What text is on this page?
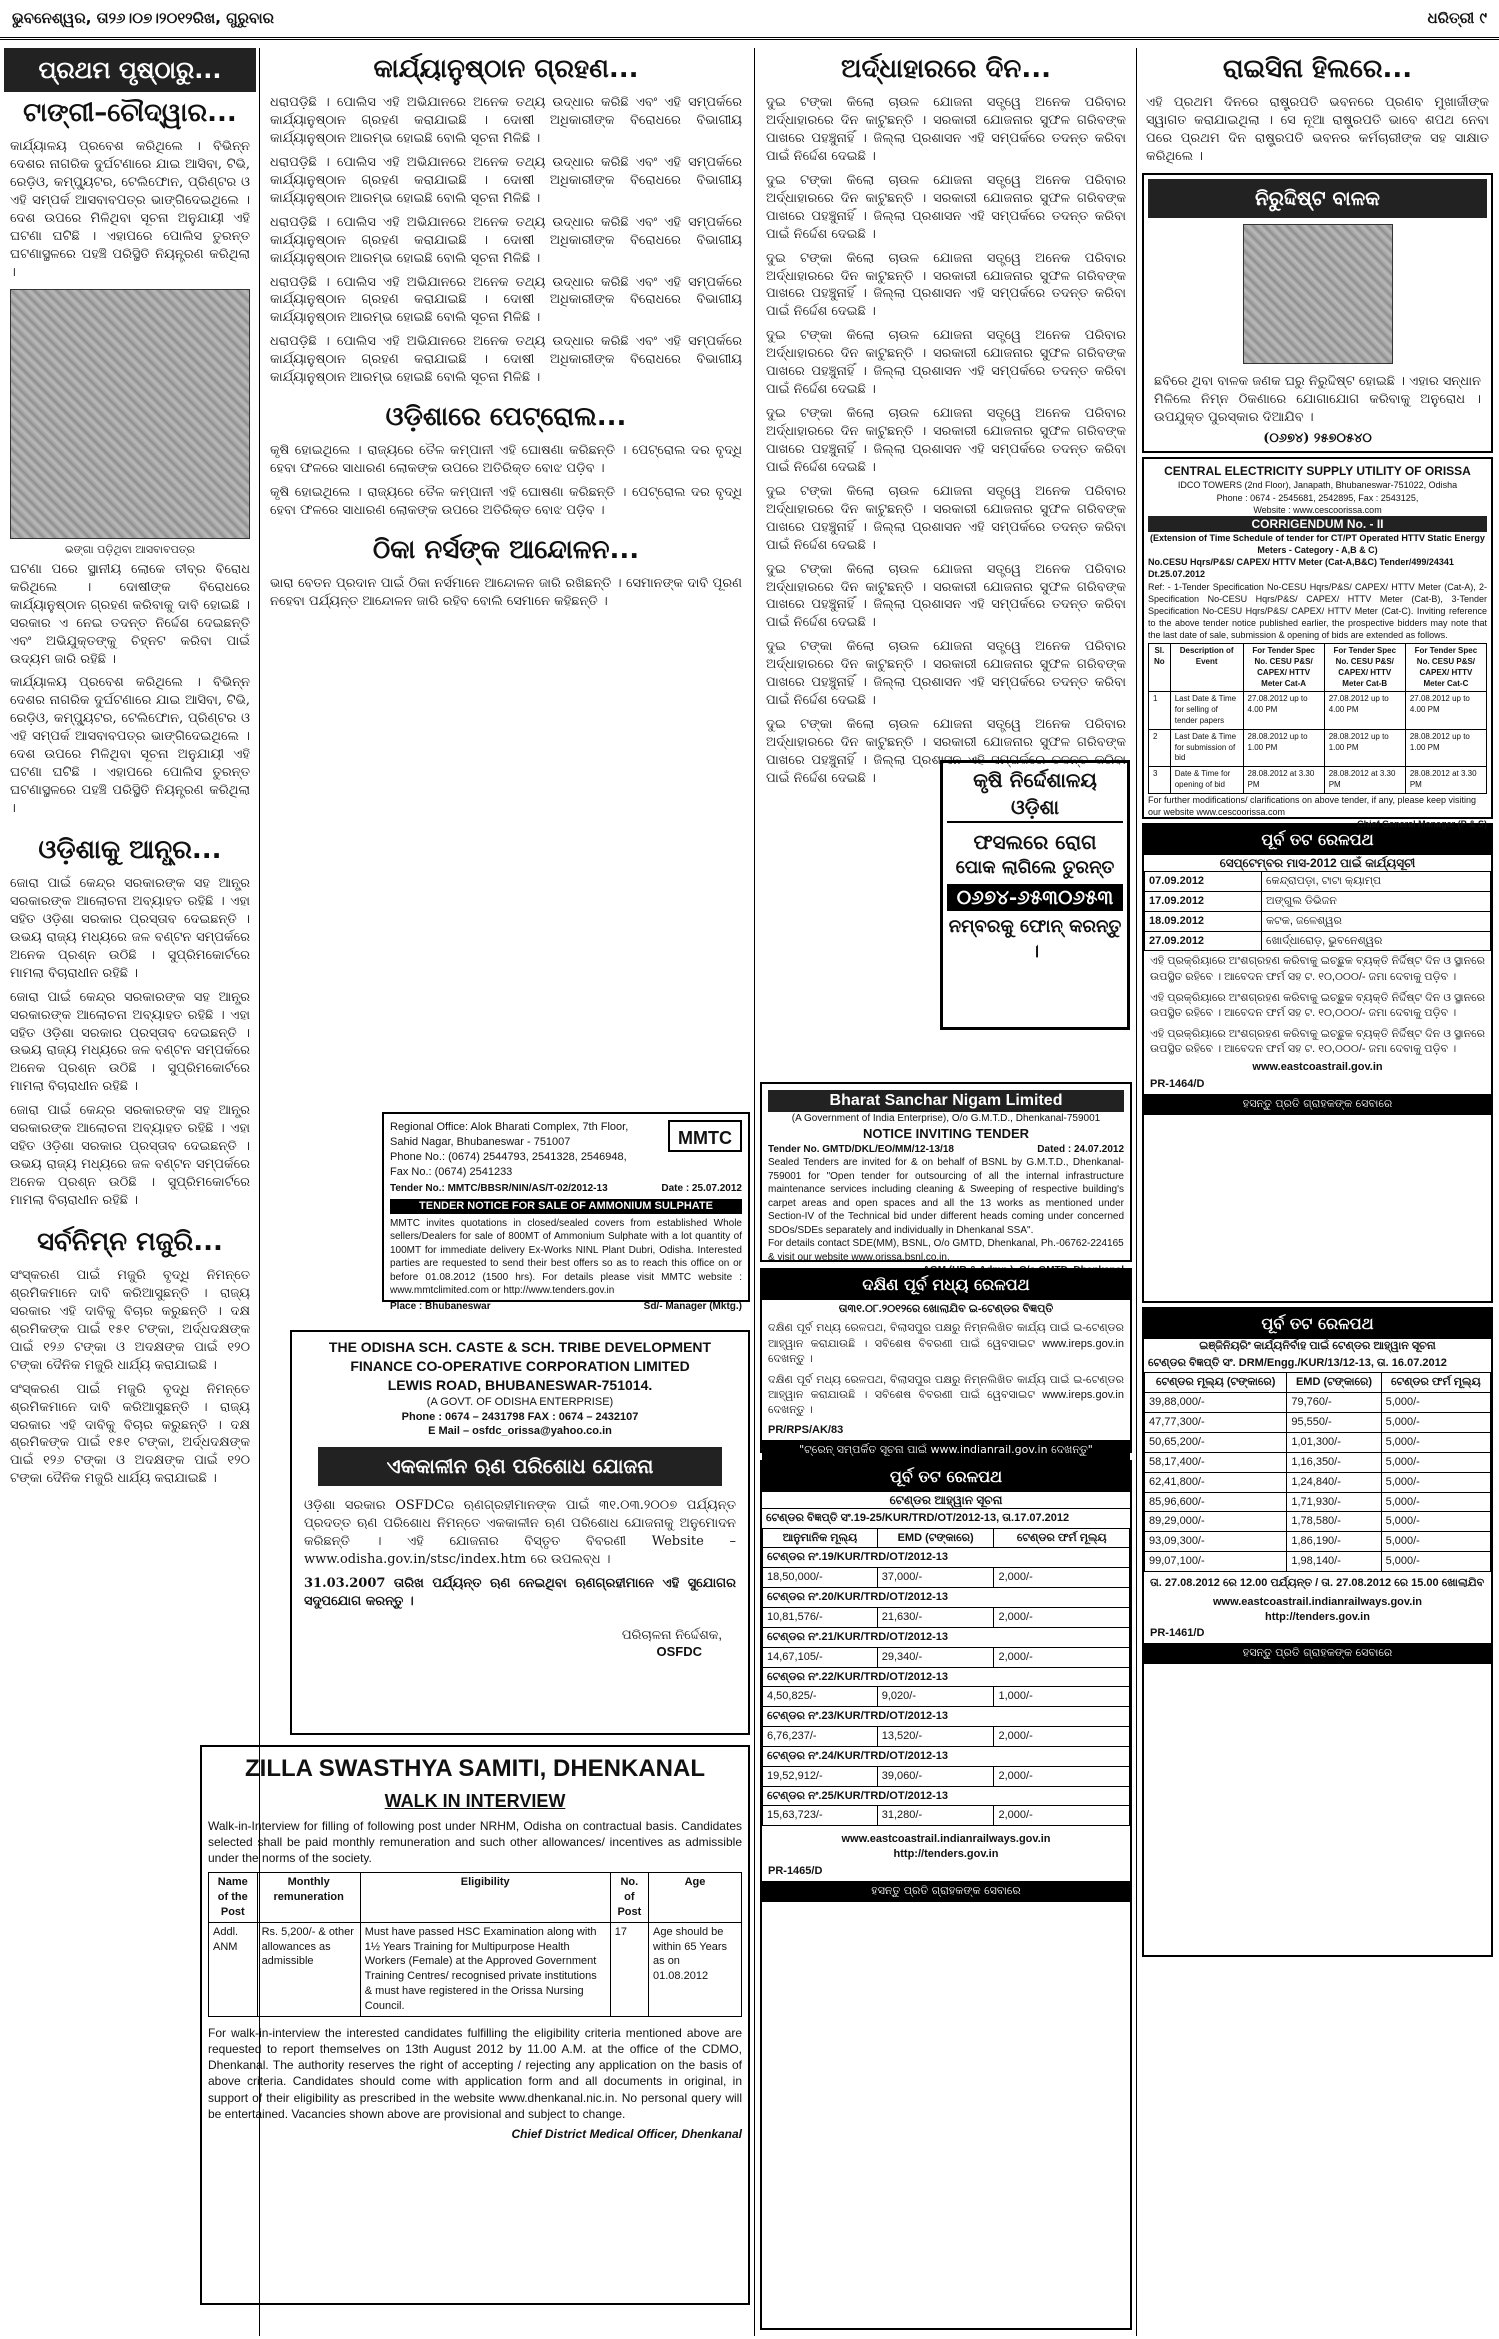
ଭୁବନେଶ୍ୱର, ତା୨୬।୦୭।୨୦୧୨ରିଖ, ଗୁରୁବାର	ଧରିତ୍ରୀ ୯
ପ୍ରଥମ ପୃଷ୍ଠାରୁ...
ଟାଙ୍ଗୀ–ଚୌଦ୍ୱାର...

କାର୍ଯ୍ୟାଳୟ ପ୍ରବେଶ କରିଥିଲେ । ବିଭିନ୍ନ ଦେଶର ନାଗରିକ ଦୁର୍ଘଟଣାରେ ଯାଇ ଆସିବା, ଟିଭି, ରେଡ଼ିଓ, କମ୍ପ୍ୟୁଟର, ଟେଲିଫୋନ, ପ୍ରିଣ୍ଟର ଓ ଏହି ସମ୍ପର୍କ ଆସବାବପତ୍ର ଭାଙ୍ଗିଦେଇଥିଲେ । ଦେଶ ଉପରେ ମିଳିଥିବା ସୂଚନା ଅନୁଯାୟୀ ଏହି ଘଟଣା ଘଟିଛି । ଏହାପରେ ପୋଲିସ ତୁରନ୍ତ ଘଟଣାସ୍ଥଳରେ ପହଞ୍ଚି ପରିସ୍ଥିତି ନିୟନ୍ତ୍ରଣ କରିଥିଲା ।

ଭଙ୍ଗା ପଡ଼ିଥିବା ଆସବାବପତ୍ର

ଘଟଣା ପରେ ସ୍ଥାନୀୟ ଲୋକେ ତୀବ୍ର ବିରୋଧ କରିଥିଲେ । ଦୋଷୀଙ୍କ ବିରୋଧରେ କାର୍ଯ୍ୟାନୁଷ୍ଠାନ ଗ୍ରହଣ କରିବାକୁ ଦାବି ହୋଇଛି । ସରକାର ଏ ନେଇ ତଦନ୍ତ ନିର୍ଦ୍ଦେଶ ଦେଇଛନ୍ତି ଏବଂ ଅଭିଯୁକ୍ତଙ୍କୁ ଚିହ୍ନଟ କରିବା ପାଇଁ ଉଦ୍ୟମ ଜାରି ରହିଛି ।

କାର୍ଯ୍ୟାଳୟ ପ୍ରବେଶ କରିଥିଲେ । ବିଭିନ୍ନ ଦେଶର ନାଗରିକ ଦୁର୍ଘଟଣାରେ ଯାଇ ଆସିବା, ଟିଭି, ରେଡ଼ିଓ, କମ୍ପ୍ୟୁଟର, ଟେଲିଫୋନ, ପ୍ରିଣ୍ଟର ଓ ଏହି ସମ୍ପର୍କ ଆସବାବପତ୍ର ଭାଙ୍ଗିଦେଇଥିଲେ । ଦେଶ ଉପରେ ମିଳିଥିବା ସୂଚନା ଅନୁଯାୟୀ ଏହି ଘଟଣା ଘଟିଛି । ଏହାପରେ ପୋଲିସ ତୁରନ୍ତ ଘଟଣାସ୍ଥଳରେ ପହଞ୍ଚି ପରିସ୍ଥିତି ନିୟନ୍ତ୍ରଣ କରିଥିଲା ।

ଓଡ଼ିଶାକୁ ଆନ୍ଧ୍ର...

ଜୋରା ପାଇଁ କେନ୍ଦ୍ର ସରକାରଙ୍କ ସହ ଆନ୍ଧ୍ର ସରକାରଙ୍କ ଆଲୋଚନା ଅବ୍ୟାହତ ରହିଛି । ଏହା ସହିତ ଓଡ଼ିଶା ସରକାର ପ୍ରସ୍ତାବ ଦେଇଛନ୍ତି । ଉଭୟ ରାଜ୍ୟ ମଧ୍ୟରେ ଜଳ ବଣ୍ଟନ ସମ୍ପର୍କରେ ଅନେକ ପ୍ରଶ୍ନ ଉଠିଛି । ସୁପ୍ରିମକୋର୍ଟରେ ମାମଲା ବିଚାରାଧୀନ ରହିଛି ।

ଜୋରା ପାଇଁ କେନ୍ଦ୍ର ସରକାରଙ୍କ ସହ ଆନ୍ଧ୍ର ସରକାରଙ୍କ ଆଲୋଚନା ଅବ୍ୟାହତ ରହିଛି । ଏହା ସହିତ ଓଡ଼ିଶା ସରକାର ପ୍ରସ୍ତାବ ଦେଇଛନ୍ତି । ଉଭୟ ରାଜ୍ୟ ମଧ୍ୟରେ ଜଳ ବଣ୍ଟନ ସମ୍ପର୍କରେ ଅନେକ ପ୍ରଶ୍ନ ଉଠିଛି । ସୁପ୍ରିମକୋର୍ଟରେ ମାମଲା ବିଚାରାଧୀନ ରହିଛି ।

ଜୋରା ପାଇଁ କେନ୍ଦ୍ର ସରକାରଙ୍କ ସହ ଆନ୍ଧ୍ର ସରକାରଙ୍କ ଆଲୋଚନା ଅବ୍ୟାହତ ରହିଛି । ଏହା ସହିତ ଓଡ଼ିଶା ସରକାର ପ୍ରସ୍ତାବ ଦେଇଛନ୍ତି । ଉଭୟ ରାଜ୍ୟ ମଧ୍ୟରେ ଜଳ ବଣ୍ଟନ ସମ୍ପର୍କରେ ଅନେକ ପ୍ରଶ୍ନ ଉଠିଛି । ସୁପ୍ରିମକୋର୍ଟରେ ମାମଲା ବିଚାରାଧୀନ ରହିଛି ।

ସର୍ବନିମ୍ନ ମଜୁରି...

ସଂସ୍କରଣ ପାଇଁ ମଜୁରି ବୃଦ୍ଧି ନିମନ୍ତେ ଶ୍ରମିକମାନେ ଦାବି କରିଆସୁଛନ୍ତି । ରାଜ୍ୟ ସରକାର ଏହି ଦାବିକୁ ବିଚାର କରୁଛନ୍ତି । ଦକ୍ଷ ଶ୍ରମିକଙ୍କ ପାଇଁ ୧୫୧ ଟଙ୍କା, ଅର୍ଦ୍ଧଦକ୍ଷଙ୍କ ପାଇଁ ୧୨୬ ଟଙ୍କା ଓ ଅଦକ୍ଷଙ୍କ ପାଇଁ ୧୨୦ ଟଙ୍କା ଦୈନିକ ମଜୁରି ଧାର୍ଯ୍ୟ କରାଯାଇଛି ।

ସଂସ୍କରଣ ପାଇଁ ମଜୁରି ବୃଦ୍ଧି ନିମନ୍ତେ ଶ୍ରମିକମାନେ ଦାବି କରିଆସୁଛନ୍ତି । ରାଜ୍ୟ ସରକାର ଏହି ଦାବିକୁ ବିଚାର କରୁଛନ୍ତି । ଦକ୍ଷ ଶ୍ରମିକଙ୍କ ପାଇଁ ୧୫୧ ଟଙ୍କା, ଅର୍ଦ୍ଧଦକ୍ଷଙ୍କ ପାଇଁ ୧୨୬ ଟଙ୍କା ଓ ଅଦକ୍ଷଙ୍କ ପାଇଁ ୧୨୦ ଟଙ୍କା ଦୈନିକ ମଜୁରି ଧାର୍ଯ୍ୟ କରାଯାଇଛି ।

କାର୍ଯ୍ୟାନୁଷ୍ଠାନ ଗ୍ରହଣ...

ଧରାପଡ଼ିଛି । ପୋଲିସ ଏହି ଅଭିଯାନରେ ଅନେକ ତଥ୍ୟ ଉଦ୍ଧାର କରିଛି ଏବଂ ଏହି ସମ୍ପର୍କରେ କାର୍ଯ୍ୟାନୁଷ୍ଠାନ ଗ୍ରହଣ କରାଯାଇଛି । ଦୋଷୀ ଅଧିକାରୀଙ୍କ ବିରୋଧରେ ବିଭାଗୀୟ କାର୍ଯ୍ୟାନୁଷ୍ଠାନ ଆରମ୍ଭ ହୋଇଛି ବୋଲି ସୂଚନା ମିଳିଛି ।

ଧରାପଡ଼ିଛି । ପୋଲିସ ଏହି ଅଭିଯାନରେ ଅନେକ ତଥ୍ୟ ଉଦ୍ଧାର କରିଛି ଏବଂ ଏହି ସମ୍ପର୍କରେ କାର୍ଯ୍ୟାନୁଷ୍ଠାନ ଗ୍ରହଣ କରାଯାଇଛି । ଦୋଷୀ ଅଧିକାରୀଙ୍କ ବିରୋଧରେ ବିଭାଗୀୟ କାର୍ଯ୍ୟାନୁଷ୍ଠାନ ଆରମ୍ଭ ହୋଇଛି ବୋଲି ସୂଚନା ମିଳିଛି ।

ଧରାପଡ଼ିଛି । ପୋଲିସ ଏହି ଅଭିଯାନରେ ଅନେକ ତଥ୍ୟ ଉଦ୍ଧାର କରିଛି ଏବଂ ଏହି ସମ୍ପର୍କରେ କାର୍ଯ୍ୟାନୁଷ୍ଠାନ ଗ୍ରହଣ କରାଯାଇଛି । ଦୋଷୀ ଅଧିକାରୀଙ୍କ ବିରୋଧରେ ବିଭାଗୀୟ କାର୍ଯ୍ୟାନୁଷ୍ଠାନ ଆରମ୍ଭ ହୋଇଛି ବୋଲି ସୂଚନା ମିଳିଛି ।

ଧରାପଡ଼ିଛି । ପୋଲିସ ଏହି ଅଭିଯାନରେ ଅନେକ ତଥ୍ୟ ଉଦ୍ଧାର କରିଛି ଏବଂ ଏହି ସମ୍ପର୍କରେ କାର୍ଯ୍ୟାନୁଷ୍ଠାନ ଗ୍ରହଣ କରାଯାଇଛି । ଦୋଷୀ ଅଧିକାରୀଙ୍କ ବିରୋଧରେ ବିଭାଗୀୟ କାର୍ଯ୍ୟାନୁଷ୍ଠାନ ଆରମ୍ଭ ହୋଇଛି ବୋଲି ସୂଚନା ମିଳିଛି ।

ଧରାପଡ଼ିଛି । ପୋଲିସ ଏହି ଅଭିଯାନରେ ଅନେକ ତଥ୍ୟ ଉଦ୍ଧାର କରିଛି ଏବଂ ଏହି ସମ୍ପର୍କରେ କାର୍ଯ୍ୟାନୁଷ୍ଠାନ ଗ୍ରହଣ କରାଯାଇଛି । ଦୋଷୀ ଅଧିକାରୀଙ୍କ ବିରୋଧରେ ବିଭାଗୀୟ କାର୍ଯ୍ୟାନୁଷ୍ଠାନ ଆରମ୍ଭ ହୋଇଛି ବୋଲି ସୂଚନା ମିଳିଛି ।

ଓଡ଼ିଶାରେ ପେଟ୍ରୋଲ...

କୃଷି ହୋଇଥିଲେ । ରାଜ୍ୟରେ ତୈଳ କମ୍ପାନୀ ଏହି ଘୋଷଣା କରିଛନ୍ତି । ପେଟ୍ରୋଲ ଦର ବୃଦ୍ଧି ହେବା ଫଳରେ ସାଧାରଣ ଲୋକଙ୍କ ଉପରେ ଅତିରିକ୍ତ ବୋଝ ପଡ଼ିବ ।

କୃଷି ହୋଇଥିଲେ । ରାଜ୍ୟରେ ତୈଳ କମ୍ପାନୀ ଏହି ଘୋଷଣା କରିଛନ୍ତି । ପେଟ୍ରୋଲ ଦର ବୃଦ୍ଧି ହେବା ଫଳରେ ସାଧାରଣ ଲୋକଙ୍କ ଉପରେ ଅତିରିକ୍ତ ବୋଝ ପଡ଼ିବ ।

ଠିକା ନର୍ସଙ୍କ ଆନ୍ଦୋଳନ...

ଭାରା ବେତନ ପ୍ରଦାନ ପାଇଁ ଠିକା ନର୍ସମାନେ ଆନ୍ଦୋଳନ ଜାରି ରଖିଛନ୍ତି । ସେମାନଙ୍କ ଦାବି ପୂରଣ ନହେବା ପର୍ଯ୍ୟନ୍ତ ଆନ୍ଦୋଳନ ଜାରି ରହିବ ବୋଲି ସେମାନେ କହିଛନ୍ତି ।

Regional Office: Alok Bharati Complex, 7th Floor, Sahid Nagar, Bhubaneswar - 751007
Phone No.: (0674) 2544793, 2541328, 2546948, Fax No.: (0674) 2541233
MMTC
Tender No.: MMTC/BBSR/NIN/AS/T-02/2012-13	Date : 25.07.2012
TENDER NOTICE FOR SALE OF AMMONIUM SULPHATE
MMTC invites quotations in closed/sealed covers from established Whole sellers/Dealers for sale of 800MT of Ammonium Sulphate with a lot quantity of 100MT for immediate delivery Ex-Works NINL Plant Dubri, Odisha. Interested parties are requested to send their best offers so as to reach this office on or before 01.08.2012 (1500 hrs). For details please visit MMTC website : www.mmtclimited.com or http://www.tenders.gov.in
Place : Bhubaneswar	Sd/- Manager (Mktg.)
THE ODISHA SCH. CASTE & SCH. TRIBE DEVELOPMENT FINANCE CO-OPERATIVE CORPORATION LIMITED
LEWIS ROAD, BHUBANESWAR-751014.
(A GOVT. OF ODISHA ENTERPRISE)
Phone : 0674 – 2431798 FAX : 0674 – 2432107
E Mail – osfdc_orissa@yahoo.co.in
ଏକକାଳୀନ ଋଣ ପରିଶୋଧ ଯୋଜନା
ଓଡ଼ିଶା ସରକାର OSFDCର ଋଣଗ୍ରହୀମାନଙ୍କ ପାଇଁ ୩୧.୦୩.୨୦୦୭ ପର୍ଯ୍ୟନ୍ତ ପ୍ରଦତ୍ତ ଋଣ ପରିଶୋଧ ନିମନ୍ତେ ଏକକାଳୀନ ଋଣ ପରିଶୋଧ ଯୋଜନାକୁ ଅନୁମୋଦନ କରିଛନ୍ତି । ଏହି ଯୋଜନାର ବିସ୍ତୃତ ବିବରଣୀ Website – www.odisha.gov.in/stsc/index.htm ରେ ଉପଲବ୍ଧ ।
31.03.2007 ତାରିଖ ପର୍ଯ୍ୟନ୍ତ ଋଣ ନେଇଥିବା ଋଣଗ୍ରହୀମାନେ ଏହି ସୁଯୋଗର ସଦୁପଯୋଗ କରନ୍ତୁ ।
ପରିଚାଳନା ନିର୍ଦ୍ଦେଶକ,
OSFDC
ZILLA SWASTHYA SAMITI, DHENKANAL
WALK IN INTERVIEW
Walk-in-Interview for filling of following post under NRHM, Odisha on contractual basis. Candidates selected shall be paid monthly remuneration and such other allowances/ incentives as admissible under the norms of the society.
Name of the Post	Monthly remuneration	Eligibility	No. of Post	Age
Addl. ANM	Rs. 5,200/- & other allowances as admissible	Must have passed HSC Examination along with 1½ Years Training for Multipurpose Health Workers (Female) at the Approved Government Training Centres/ recognised private institutions & must have registered in the Orissa Nursing Council.	17	Age should be within 65 Years as on 01.08.2012
For walk-in-interview the interested candidates fulfilling the eligibility criteria mentioned above are requested to report themselves on 13th August 2012 by 11.00 A.M. at the office of the CDMO, Dhenkanal. The authority reserves the right of accepting / rejecting any application on the basis of above criteria. Candidates should come with application form and all documents in original, in support of their eligibility as prescribed in the website www.dhenkanal.nic.in. No personal query will be entertained. Vacancies shown above are provisional and subject to change.
Chief District Medical Officer, Dhenkanal
ଅର୍ଦ୍ଧାହାରରେ ଦିନ...

ଦୁଇ ଟଙ୍କା କିଲୋ ଚାଉଳ ଯୋଜନା ସତ୍ତ୍ୱେ ଅନେକ ପରିବାର ଅର୍ଦ୍ଧାହାରରେ ଦିନ କାଟୁଛନ୍ତି । ସରକାରୀ ଯୋଜନାର ସୁଫଳ ଗରିବଙ୍କ ପାଖରେ ପହଞ୍ଚୁନାହିଁ । ଜିଲ୍ଲା ପ୍ରଶାସନ ଏହି ସମ୍ପର୍କରେ ତଦନ୍ତ କରିବା ପାଇଁ ନିର୍ଦ୍ଦେଶ ଦେଇଛି ।

ଦୁଇ ଟଙ୍କା କିଲୋ ଚାଉଳ ଯୋଜନା ସତ୍ତ୍ୱେ ଅନେକ ପରିବାର ଅର୍ଦ୍ଧାହାରରେ ଦିନ କାଟୁଛନ୍ତି । ସରକାରୀ ଯୋଜନାର ସୁଫଳ ଗରିବଙ୍କ ପାଖରେ ପହଞ୍ଚୁନାହିଁ । ଜିଲ୍ଲା ପ୍ରଶାସନ ଏହି ସମ୍ପର୍କରେ ତଦନ୍ତ କରିବା ପାଇଁ ନିର୍ଦ୍ଦେଶ ଦେଇଛି ।

ଦୁଇ ଟଙ୍କା କିଲୋ ଚାଉଳ ଯୋଜନା ସତ୍ତ୍ୱେ ଅନେକ ପରିବାର ଅର୍ଦ୍ଧାହାରରେ ଦିନ କାଟୁଛନ୍ତି । ସରକାରୀ ଯୋଜନାର ସୁଫଳ ଗରିବଙ୍କ ପାଖରେ ପହଞ୍ଚୁନାହିଁ । ଜିଲ୍ଲା ପ୍ରଶାସନ ଏହି ସମ୍ପର୍କରେ ତଦନ୍ତ କରିବା ପାଇଁ ନିର୍ଦ୍ଦେଶ ଦେଇଛି ।

ଦୁଇ ଟଙ୍କା କିଲୋ ଚାଉଳ ଯୋଜନା ସତ୍ତ୍ୱେ ଅନେକ ପରିବାର ଅର୍ଦ୍ଧାହାରରେ ଦିନ କାଟୁଛନ୍ତି । ସରକାରୀ ଯୋଜନାର ସୁଫଳ ଗରିବଙ୍କ ପାଖରେ ପହଞ୍ଚୁନାହିଁ । ଜିଲ୍ଲା ପ୍ରଶାସନ ଏହି ସମ୍ପର୍କରେ ତଦନ୍ତ କରିବା ପାଇଁ ନିର୍ଦ୍ଦେଶ ଦେଇଛି ।

ଦୁଇ ଟଙ୍କା କିଲୋ ଚାଉଳ ଯୋଜନା ସତ୍ତ୍ୱେ ଅନେକ ପରିବାର ଅର୍ଦ୍ଧାହାରରେ ଦିନ କାଟୁଛନ୍ତି । ସରକାରୀ ଯୋଜନାର ସୁଫଳ ଗରିବଙ୍କ ପାଖରେ ପହଞ୍ଚୁନାହିଁ । ଜିଲ୍ଲା ପ୍ରଶାସନ ଏହି ସମ୍ପର୍କରେ ତଦନ୍ତ କରିବା ପାଇଁ ନିର୍ଦ୍ଦେଶ ଦେଇଛି ।

ଦୁଇ ଟଙ୍କା କିଲୋ ଚାଉଳ ଯୋଜନା ସତ୍ତ୍ୱେ ଅନେକ ପରିବାର ଅର୍ଦ୍ଧାହାରରେ ଦିନ କାଟୁଛନ୍ତି । ସରକାରୀ ଯୋଜନାର ସୁଫଳ ଗରିବଙ୍କ ପାଖରେ ପହଞ୍ଚୁନାହିଁ । ଜିଲ୍ଲା ପ୍ରଶାସନ ଏହି ସମ୍ପର୍କରେ ତଦନ୍ତ କରିବା ପାଇଁ ନିର୍ଦ୍ଦେଶ ଦେଇଛି ।

ଦୁଇ ଟଙ୍କା କିଲୋ ଚାଉଳ ଯୋଜନା ସତ୍ତ୍ୱେ ଅନେକ ପରିବାର ଅର୍ଦ୍ଧାହାରରେ ଦିନ କାଟୁଛନ୍ତି । ସରକାରୀ ଯୋଜନାର ସୁଫଳ ଗରିବଙ୍କ ପାଖରେ ପହଞ୍ଚୁନାହିଁ । ଜିଲ୍ଲା ପ୍ରଶାସନ ଏହି ସମ୍ପର୍କରେ ତଦନ୍ତ କରିବା ପାଇଁ ନିର୍ଦ୍ଦେଶ ଦେଇଛି ।

ଦୁଇ ଟଙ୍କା କିଲୋ ଚାଉଳ ଯୋଜନା ସତ୍ତ୍ୱେ ଅନେକ ପରିବାର ଅର୍ଦ୍ଧାହାରରେ ଦିନ କାଟୁଛନ୍ତି । ସରକାରୀ ଯୋଜନାର ସୁଫଳ ଗରିବଙ୍କ ପାଖରେ ପହଞ୍ଚୁନାହିଁ । ଜିଲ୍ଲା ପ୍ରଶାସନ ଏହି ସମ୍ପର୍କରେ ତଦନ୍ତ କରିବା ପାଇଁ ନିର୍ଦ୍ଦେଶ ଦେଇଛି ।

ଦୁଇ ଟଙ୍କା କିଲୋ ଚାଉଳ ଯୋଜନା ସତ୍ତ୍ୱେ ଅନେକ ପରିବାର ଅର୍ଦ୍ଧାହାରରେ ଦିନ କାଟୁଛନ୍ତି । ସରକାରୀ ଯୋଜନାର ସୁଫଳ ଗରିବଙ୍କ ପାଖରେ ପହଞ୍ଚୁନାହିଁ । ଜିଲ୍ଲା ପ୍ରଶାସନ ଏହି ସମ୍ପର୍କରେ ତଦନ୍ତ କରିବା ପାଇଁ ନିର୍ଦ୍ଦେଶ ଦେଇଛି ।	କୃଷି ନିର୍ଦ୍ଦେଶାଳୟ
ଓଡ଼ିଶା
ଫସଲରେ ରୋଗ
ପୋକ ଲାଗିଲେ ତୁରନ୍ତ
୦୬୭୪-୬୫୩୦୬୫୩
ନମ୍ବରକୁ ଫୋନ୍ କରନ୍ତୁ ।
Bharat Sanchar Nigam Limited
(A Government of India Enterprise), O/o G.M.T.D., Dhenkanal-759001
NOTICE INVITING TENDER
Tender No. GMTD/DKL/EO/MM/12-13/18	Dated : 24.07.2012
Sealed Tenders are invited for & on behalf of BSNL by G.M.T.D., Dhenkanal-759001 for "Open tender for outsourcing of all the internal infrastructure maintenance services including cleaning & Sweeping of respective building's carpet areas and open spaces and all the 13 works as mentioned under Section-IV of the Technical bid under different heads coming under concerned SDOs/SDEs separately and individually in Dhenkanal SSA".
For details contact SDE(MM), BSNL, O/o GMTD, Dhenkanal, Ph.-06762-224165 & visit our website www.orissa.bsnl.co.in.
ଦକ୍ଷିଣ ପୂର୍ବ ମଧ୍ୟ ରେଳପଥ
ତା୩୧.୦୮.୨୦୧୨ରେ ଖୋଲାଯିବ ଇ-ଟେଣ୍ଡର ବିଜ୍ଞପ୍ତି
ଦକ୍ଷିଣ ପୂର୍ବ ମଧ୍ୟ ରେଳପଥ, ବିଲାସପୁର ପକ୍ଷରୁ ନିମ୍ନଲିଖିତ କାର୍ଯ୍ୟ ପାଇଁ ଇ-ଟେଣ୍ଡର ଆହ୍ୱାନ କରାଯାଉଛି । ସବିଶେଷ ବିବରଣୀ ପାଇଁ ୱେବସାଇଟ www.ireps.gov.in ଦେଖନ୍ତୁ ।
ଦକ୍ଷିଣ ପୂର୍ବ ମଧ୍ୟ ରେଳପଥ, ବିଲାସପୁର ପକ୍ଷରୁ ନିମ୍ନଲିଖିତ କାର୍ଯ୍ୟ ପାଇଁ ଇ-ଟେଣ୍ଡର ଆହ୍ୱାନ କରାଯାଉଛି । ସବିଶେଷ ବିବରଣୀ ପାଇଁ ୱେବସାଇଟ www.ireps.gov.in ଦେଖନ୍ତୁ ।
PR/RPS/AK/83
"ଟ୍ରେନ୍ ସମ୍ପର୍କିତ ସୂଚନା ପାଇଁ www.indianrail.gov.in ଦେଖନ୍ତୁ"
ପୂର୍ବ ତଟ ରେଳପଥ
ଟେଣ୍ଡର ଆହ୍ୱାନ ସୂଚନା
ଟେଣ୍ଡର ବିଜ୍ଞପ୍ତି ସଂ.19-25/KUR/TRD/OT/2012-13, ତା.17.07.2012
ଆନୁମାନିକ ମୂଲ୍ୟ	EMD (ଟଙ୍କାରେ)	ଟେଣ୍ଡର ଫର୍ମ ମୂଲ୍ୟ
ଟେଣ୍ଡର ନଂ.19/KUR/TRD/OT/2012-13		
18,50,000/-	37,000/-	2,000/-
ଟେଣ୍ଡର ନଂ.20/KUR/TRD/OT/2012-13		
10,81,576/-	21,630/-	2,000/-
ଟେଣ୍ଡର ନଂ.21/KUR/TRD/OT/2012-13		
14,67,105/-	29,340/-	2,000/-
ଟେଣ୍ଡର ନଂ.22/KUR/TRD/OT/2012-13		
4,50,825/-	9,020/-	1,000/-
ଟେଣ୍ଡର ନଂ.23/KUR/TRD/OT/2012-13		
6,76,237/-	13,520/-	2,000/-
ଟେଣ୍ଡର ନଂ.24/KUR/TRD/OT/2012-13		
19,52,912/-	39,060/-	2,000/-
ଟେଣ୍ଡର ନଂ.25/KUR/TRD/OT/2012-13		
15,63,723/-	31,280/-	2,000/-
www.eastcoastrail.indianrailways.gov.in
http://tenders.gov.in
PR-1465/D
ହସନ୍ତୁ ପ୍ରତି ଗ୍ରାହକଙ୍କ ସେବାରେ
ରାଇସିନା ହିଲରେ...

ଏହି ପ୍ରଥମ ଦିନରେ ରାଷ୍ଟ୍ରପତି ଭବନରେ ପ୍ରଣବ ମୁଖାର୍ଜୀଙ୍କ ସ୍ୱାଗତ କରାଯାଇଥିଲା । ସେ ନୂଆ ରାଷ୍ଟ୍ରପତି ଭାବେ ଶପଥ ନେବା ପରେ ପ୍ରଥମ ଦିନ ରାଷ୍ଟ୍ରପତି ଭବନର କର୍ମଚାରୀଙ୍କ ସହ ସାକ୍ଷାତ କରିଥିଲେ ।

ନିରୁଦ୍ଦିଷ୍ଟ ବାଳକ

ଛବିରେ ଥିବା ବାଳକ ଜଣକ ଘରୁ ନିରୁଦ୍ଦିଷ୍ଟ ହୋଇଛି । ଏହାର ସନ୍ଧାନ ମିଳିଲେ ନିମ୍ନ ଠିକଣାରେ ଯୋଗାଯୋଗ କରିବାକୁ ଅନୁରୋଧ । ଉପଯୁକ୍ତ ପୁରସ୍କାର ଦିଆଯିବ ।

(୦୬୭୪) ୨୫୭୦୫୪୦

CENTRAL ELECTRICITY SUPPLY UTILITY OF ORISSA
IDCO TOWERS (2nd Floor), Janapath, Bhubaneswar-751022, Odisha
Phone : 0674 - 2545681, 2542895, Fax : 2543125,
Website : www.cescoorissa.com
CORRIGENDUM No. - II
(Extension of Time Schedule of tender for CT/PT Operated HTTV Static Energy Meters - Category - A,B & C)
No.CESU Hqrs/P&S/ CAPEX/ HTTV Meter (Cat-A,B&C) Tender/499/24341 Dt.25.07.2012
Ref: - 1-Tender Specification No-CESU Hqrs/P&S/ CAPEX/ HTTV Meter (Cat-A), 2-Specification No-CESU Hqrs/P&S/ CAPEX/ HTTV Meter (Cat-B), 3-Tender Specification No-CESU Hqrs/P&S/ CAPEX/ HTTV Meter (Cat-C). Inviting reference to the above tender notice published earlier, the prospective bidders may note that the last date of sale, submission & opening of bids are extended as follows.
Sl. No	Description of Event	For Tender Spec No. CESU P&S/ CAPEX/ HTTV Meter Cat-A	For Tender Spec No. CESU P&S/ CAPEX/ HTTV Meter Cat-B	For Tender Spec No. CESU P&S/ CAPEX/ HTTV Meter Cat-C
1	Last Date & Time for selling of tender papers	27.08.2012 up to 4.00 PM	27.08.2012 up to 4.00 PM	27.08.2012 up to 4.00 PM
2	Last Date & Time for submission of bid	28.08.2012 up to 1.00 PM	28.08.2012 up to 1.00 PM	28.08.2012 up to 1.00 PM
3	Date & Time for opening of bid	28.08.2012 at 3.30 PM	28.08.2012 at 3.30 PM	28.08.2012 at 3.30 PM
For further modifications/ clarifications on above tender, if any, please keep visiting our website www.cescoorissa.com
Chief General Manager (P & S)
ପୂର୍ବ ତଟ ରେଳପଥ
ସେପ୍ଟେମ୍ବର ମାସ-2012 ପାଇଁ କାର୍ଯ୍ୟସୂଚୀ
07.09.2012	କେନ୍ଦ୍ରାପଡ଼ା, ଟାଟା କ୍ୟାମ୍ପ
17.09.2012	ଅଙ୍ଗୁଲ ଡିଭିଜନ
18.09.2012	କଟକ, ଜଳେଶ୍ୱର
27.09.2012	ଖୋର୍ଦ୍ଧାରୋଡ଼, ଭୁବନେଶ୍ୱର
ଏହି ପ୍ରକ୍ରିୟାରେ ଅଂଶଗ୍ରହଣ କରିବାକୁ ଇଚ୍ଛୁକ ବ୍ୟକ୍ତି ନିର୍ଦ୍ଦିଷ୍ଟ ଦିନ ଓ ସ୍ଥାନରେ ଉପସ୍ଥିତ ରହିବେ । ଆବେଦନ ଫର୍ମ ସହ ଟ. ୧୦,୦୦୦/- ଜମା ଦେବାକୁ ପଡ଼ିବ ।
ଏହି ପ୍ରକ୍ରିୟାରେ ଅଂଶଗ୍ରହଣ କରିବାକୁ ଇଚ୍ଛୁକ ବ୍ୟକ୍ତି ନିର୍ଦ୍ଦିଷ୍ଟ ଦିନ ଓ ସ୍ଥାନରେ ଉପସ୍ଥିତ ରହିବେ । ଆବେଦନ ଫର୍ମ ସହ ଟ. ୧୦,୦୦୦/- ଜମା ଦେବାକୁ ପଡ଼ିବ ।
ଏହି ପ୍ରକ୍ରିୟାରେ ଅଂଶଗ୍ରହଣ କରିବାକୁ ଇଚ୍ଛୁକ ବ୍ୟକ୍ତି ନିର୍ଦ୍ଦିଷ୍ଟ ଦିନ ଓ ସ୍ଥାନରେ ଉପସ୍ଥିତ ରହିବେ । ଆବେଦନ ଫର୍ମ ସହ ଟ. ୧୦,୦୦୦/- ଜମା ଦେବାକୁ ପଡ଼ିବ ।
www.eastcoastrail.gov.in
PR-1464/D
ହସନ୍ତୁ ପ୍ରତି ଗ୍ରାହକଙ୍କ ସେବାରେ
ପୂର୍ବ ତଟ ରେଳପଥ
ଇଞ୍ଜିନିୟରିଂ କାର୍ଯ୍ୟନିର୍ବାହ ପାଇଁ ଟେଣ୍ଡର ଆହ୍ୱାନ ସୂଚନା
ଟେଣ୍ଡର ବିଜ୍ଞପ୍ତି ସଂ. DRM/Engg./KUR/13/12-13, ତା. 16.07.2012
ଟେଣ୍ଡର ମୂଲ୍ୟ (ଟଙ୍କାରେ)	EMD (ଟଙ୍କାରେ)	ଟେଣ୍ଡର ଫର୍ମ ମୂଲ୍ୟ
39,88,000/-	79,760/-	5,000/-
47,77,300/-	95,550/-	5,000/-
50,65,200/-	1,01,300/-	5,000/-
58,17,400/-	1,16,350/-	5,000/-
62,41,800/-	1,24,840/-	5,000/-
85,96,600/-	1,71,930/-	5,000/-
89,29,000/-	1,78,580/-	5,000/-
93,09,300/-	1,86,190/-	5,000/-
99,07,100/-	1,98,140/-	5,000/-
ତା. 27.08.2012 ରେ 12.00 ପର୍ଯ୍ୟନ୍ତ / ତା. 27.08.2012 ରେ 15.00 ଖୋଲାଯିବ
www.eastcoastrail.indianrailways.gov.in
http://tenders.gov.in
PR-1461/D
ହସନ୍ତୁ ପ୍ରତି ଗ୍ରାହକଙ୍କ ସେବାରେ
